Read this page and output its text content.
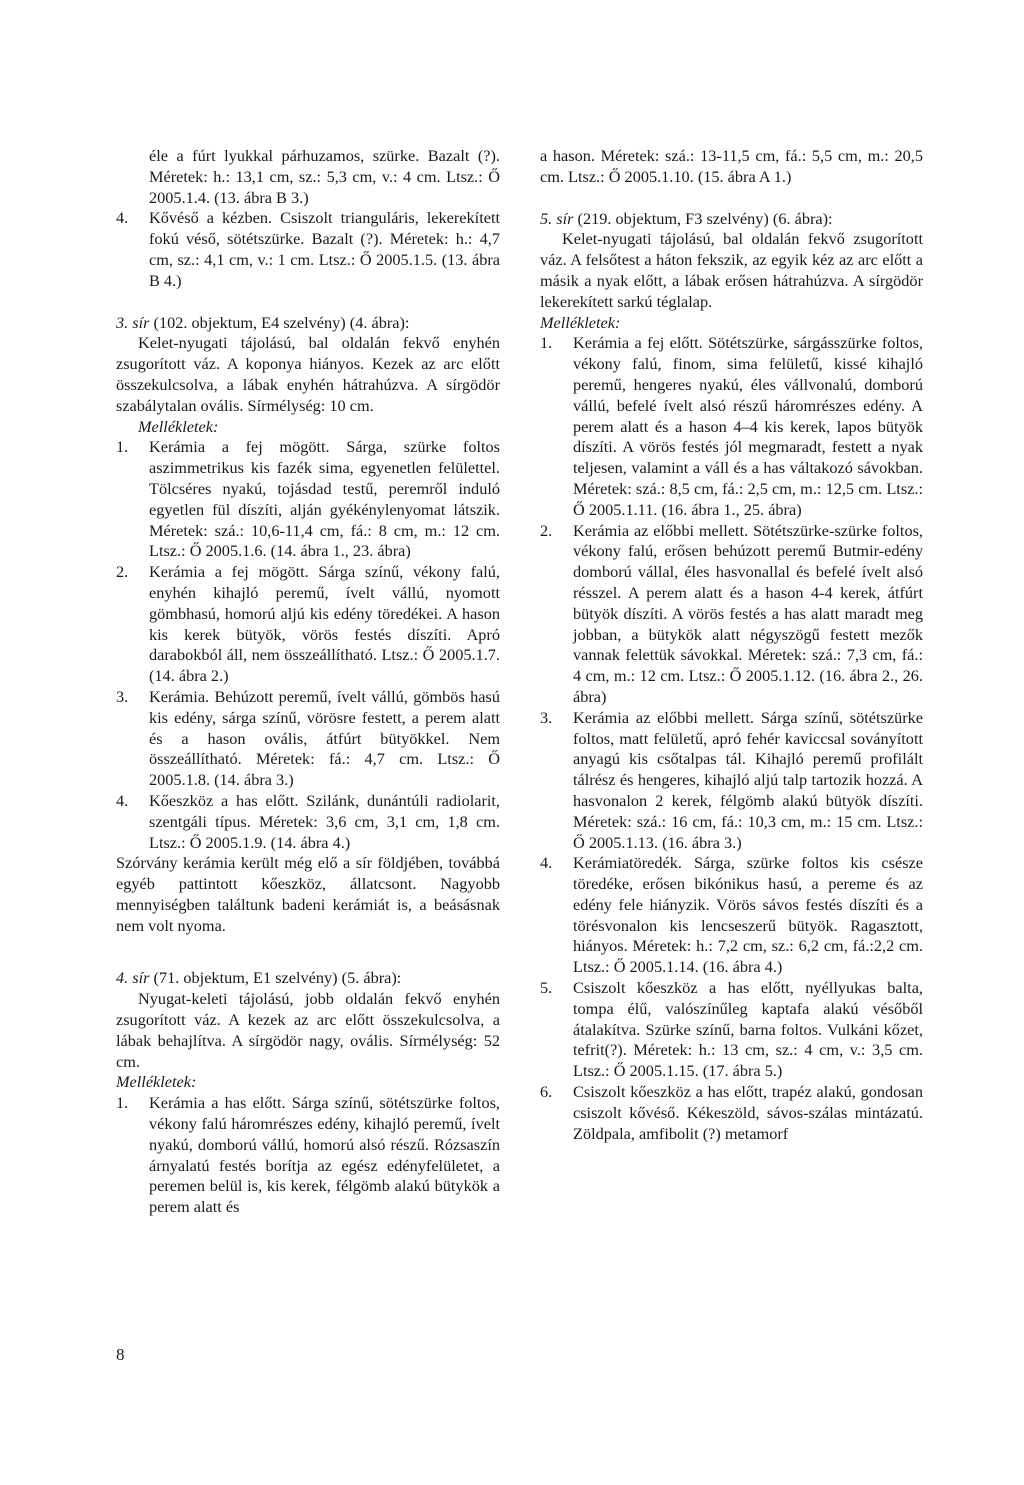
éle a fúrt lyukkal párhuzamos, szürke. Bazalt (?). Méretek: h.: 13,1 cm, sz.: 5,3 cm, v.: 4 cm. Ltsz.: Ő 2005.1.4. (13. ábra B 3.)

4.	Kővéső a kézben. Csiszolt trianguláris, lekerekített fokú véső, sötétszürke. Bazalt (?). Méretek: h.: 4,7 cm, sz.: 4,1 cm, v.: 1 cm. Ltsz.: Ő 2005.1.5. (13. ábra B 4.)

3. sír (102. objektum, E4 szelvény) (4. ábra):

Kelet-nyugati tájolású, bal oldalán fekvő enyhén zsugorított váz. A koponya hiányos. Kezek az arc előtt összekulcsolva, a lábak enyhén hátrahúzva. A sírgödör szabálytalan ovális. Sírmélység: 10 cm.

Mellékletek:

1.	Kerámia a fej mögött. Sárga, szürke foltos aszimmetrikus kis fazék sima, egyenetlen felülettel. Tölcséres nyakú, tojásdad testű, peremről induló egyetlen fül díszíti, alján gyékénylenyomat látszik. Méretek: szá.: 10,6-11,4 cm, fá.: 8 cm, m.: 12 cm. Ltsz.: Ő 2005.1.6. (14. ábra 1., 23. ábra)
2.	Kerámia a fej mögött. Sárga színű, vékony falú, enyhén kihajló peremű, ívelt vállú, nyomott gömbhasú, homorú aljú kis edény töredékei. A hason kis kerek bütyök, vörös festés díszíti. Apró darabokból áll, nem összeállítható. Ltsz.: Ő 2005.1.7. (14. ábra 2.)
3.	Kerámia. Behúzott peremű, ívelt vállú, gömbös hasú kis edény, sárga színű, vörösre festett, a perem alatt és a hason ovális, átfúrt bütyökkel. Nem összeállítható. Méretek: fá.: 4,7 cm. Ltsz.: Ő 2005.1.8. (14. ábra 3.)
4.	Kőeszköz a has előtt. Szilánk, dunántúli radiolarit, szentgáli típus. Méretek: 3,6 cm, 3,1 cm, 1,8 cm. Ltsz.: Ő 2005.1.9. (14. ábra 4.)

Szórvány kerámia került még elő a sír földjében, továbbá egyéb pattintott kőeszköz, állatcsont. Nagyobb mennyiségben találtunk badeni kerámiát is, a beásásnak nem volt nyoma.

4. sír (71. objektum, E1 szelvény) (5. ábra):

Nyugat-keleti tájolású, jobb oldalán fekvő enyhén zsugorított váz. A kezek az arc előtt összekulcsolva, a lábak behajlítva. A sírgödör nagy, ovális. Sírmélység: 52 cm.

Mellékletek:

1.	Kerámia a has előtt. Sárga színű, sötétszürke foltos, vékony falú háromrészes edény, kihajló peremű, ívelt nyakú, domború vállú, homorú alsó részű. Rózsaszín árnyalatú festés borítja az egész edényfelületet, a peremen belül is, kis kerek, félgömb alakú bütykök a perem alatt és

a hason. Méretek: szá.: 13-11,5 cm, fá.: 5,5 cm, m.: 20,5 cm. Ltsz.: Ő 2005.1.10. (15. ábra A 1.)

5. sír (219. objektum, F3 szelvény) (6. ábra):

Kelet-nyugati tájolású, bal oldalán fekvő zsugorított váz. A felsőtest a háton fekszik, az egyik kéz az arc előtt a másik a nyak előtt, a lábak erősen hátrahúzva. A sírgödör lekerekített sarkú téglalap.

Mellékletek:

1.	Kerámia a fej előtt. Sötétszürke, sárgásszürke foltos, vékony falú, finom, sima felületű, kissé kihajló peremű, hengeres nyakú, éles vállvonalú, domború vállú, befelé ívelt alsó részű háromrészes edény. A perem alatt és a hason 4–4 kis kerek, lapos bütyök díszíti. A vörös festés jól megmaradt, festett a nyak teljesen, valamint a váll és a has váltakozó sávokban. Méretek: szá.: 8,5 cm, fá.: 2,5 cm, m.: 12,5 cm. Ltsz.: Ő 2005.1.11. (16. ábra 1., 25. ábra)
2.	Kerámia az előbbi mellett. Sötétszürke-szürke foltos, vékony falú, erősen behúzott peremű Butmir-edény domború vállal, éles hasvonallal és befelé ívelt alsó résszel. A perem alatt és a hason 4-4 kerek, átfúrt bütyök díszíti. A vörös festés a has alatt maradt meg jobban, a bütykök alatt négyszögű festett mezők vannak felettük sávokkal. Méretek: szá.: 7,3 cm, fá.: 4 cm, m.: 12 cm. Ltsz.: Ő 2005.1.12. (16. ábra 2., 26. ábra)
3.	Kerámia az előbbi mellett. Sárga színű, sötétszürke foltos, matt felületű, apró fehér kaviccsal soványított anyagú kis csőtalpas tál. Kihajló peremű profilált tálrész és hengeres, kihajló aljú talp tartozik hozzá. A hasvonalon 2 kerek, félgömb alakú bütyök díszíti. Méretek: szá.: 16 cm, fá.: 10,3 cm, m.: 15 cm. Ltsz.: Ő 2005.1.13. (16. ábra 3.)
4.	Kerámiatöredék. Sárga, szürke foltos kis csésze töredéke, erősen bikónikus hasú, a pereme és az edény fele hiányzik. Vörös sávos festés díszíti és a törésvonalon kis lencseszerű bütyök. Ragasztott, hiányos. Méretek: h.: 7,2 cm, sz.: 6,2 cm, fá.:2,2 cm. Ltsz.: Ő 2005.1.14. (16. ábra 4.)
5.	Csiszolt kőeszköz a has előtt, nyéllyukas balta, tompa élű, valószínűleg kaptafa alakú vésőből átalakítva. Szürke színű, barna foltos. Vulkáni kőzet, tefrit(?). Méretek: h.: 13 cm, sz.: 4 cm, v.: 3,5 cm. Ltsz.: Ő 2005.1.15. (17. ábra 5.)
6.	Csiszolt kőeszköz a has előtt, trapéz alakú, gondosan csiszolt kővéső. Kékeszöld, sávos-szálas mintázatú. Zöldpala, amfibolit (?) metamorf
8
